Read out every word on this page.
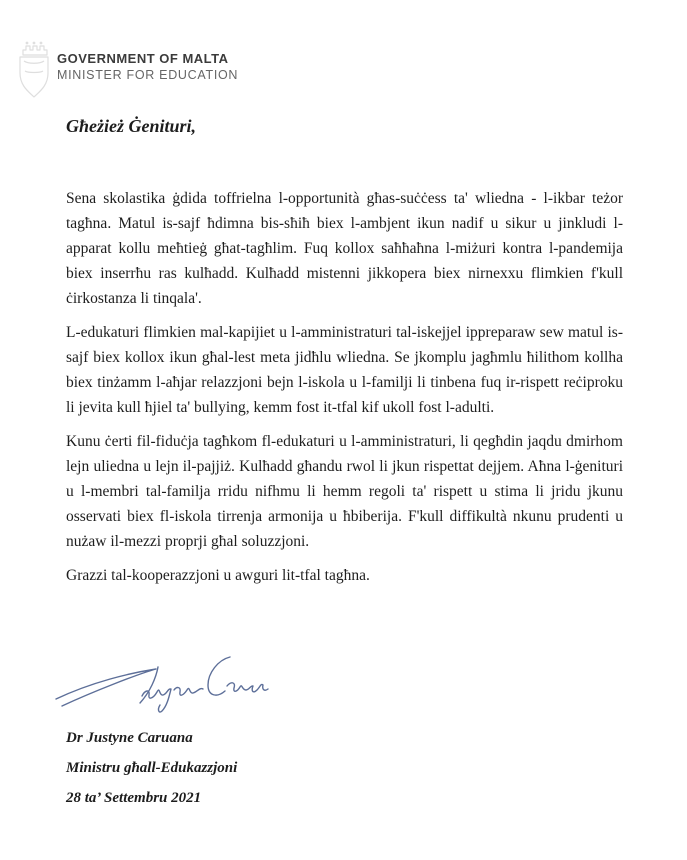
GOVERNMENT OF MALTA
MINISTER FOR EDUCATION
Għeżież Ġenituri,

Sena skolastika ġdida toffrielna l-opportunità għas-suċċess ta' wliedna - l-ikbar teżor tagħna. Matul is-sajf ħdimna bis-sħiħ biex l-ambjent ikun nadif u sikur u jinkludi l-apparat kollu meħtieġ għat-tagħlim. Fuq kollox saħħaħna l-miżuri kontra l-pandemija biex inserrħu ras kulħadd. Kulħadd mistenni jikkopera biex nirnexxu flimkien f'kull ċirkostanza li tinqala'.

L-edukaturi flimkien mal-kapijiet u l-amministraturi tal-iskejjel ippreparaw sew matul is-sajf biex kollox ikun għal-lest meta jidħlu wliedna. Se jkomplu jagħmlu ħilithom kollha biex tinżamm l-aħjar relazzjoni bejn l-iskola u l-familji li tinbena fuq ir-rispett reċiproku li jevita kull ħjiel ta' bullying, kemm fost it-tfal kif ukoll fost l-adulti.

Kunu ċerti fil-fiduċja tagħkom fl-edukaturi u l-amministraturi, li qegħdin jaqdu dmirhom lejn uliedna u lejn il-pajjiż. Kulħadd għandu rwol li jkun rispettat dejjem. Aħna l-ġenituri u l-membri tal-familja rridu nifhmu li hemm regoli ta' rispett u stima li jridu jkunu osservati biex fl-iskola tirrenja armonija u ħbiberija. F'kull diffikultà nkunu prudenti u nużaw il-mezzi proprji għal soluzzjoni.

Grazzi tal-kooperazzjoni u awguri lit-tfal tagħna.

Dr Justyne Caruana
Ministru għall-Edukazzjoni
28 ta’ Settembru 2021
